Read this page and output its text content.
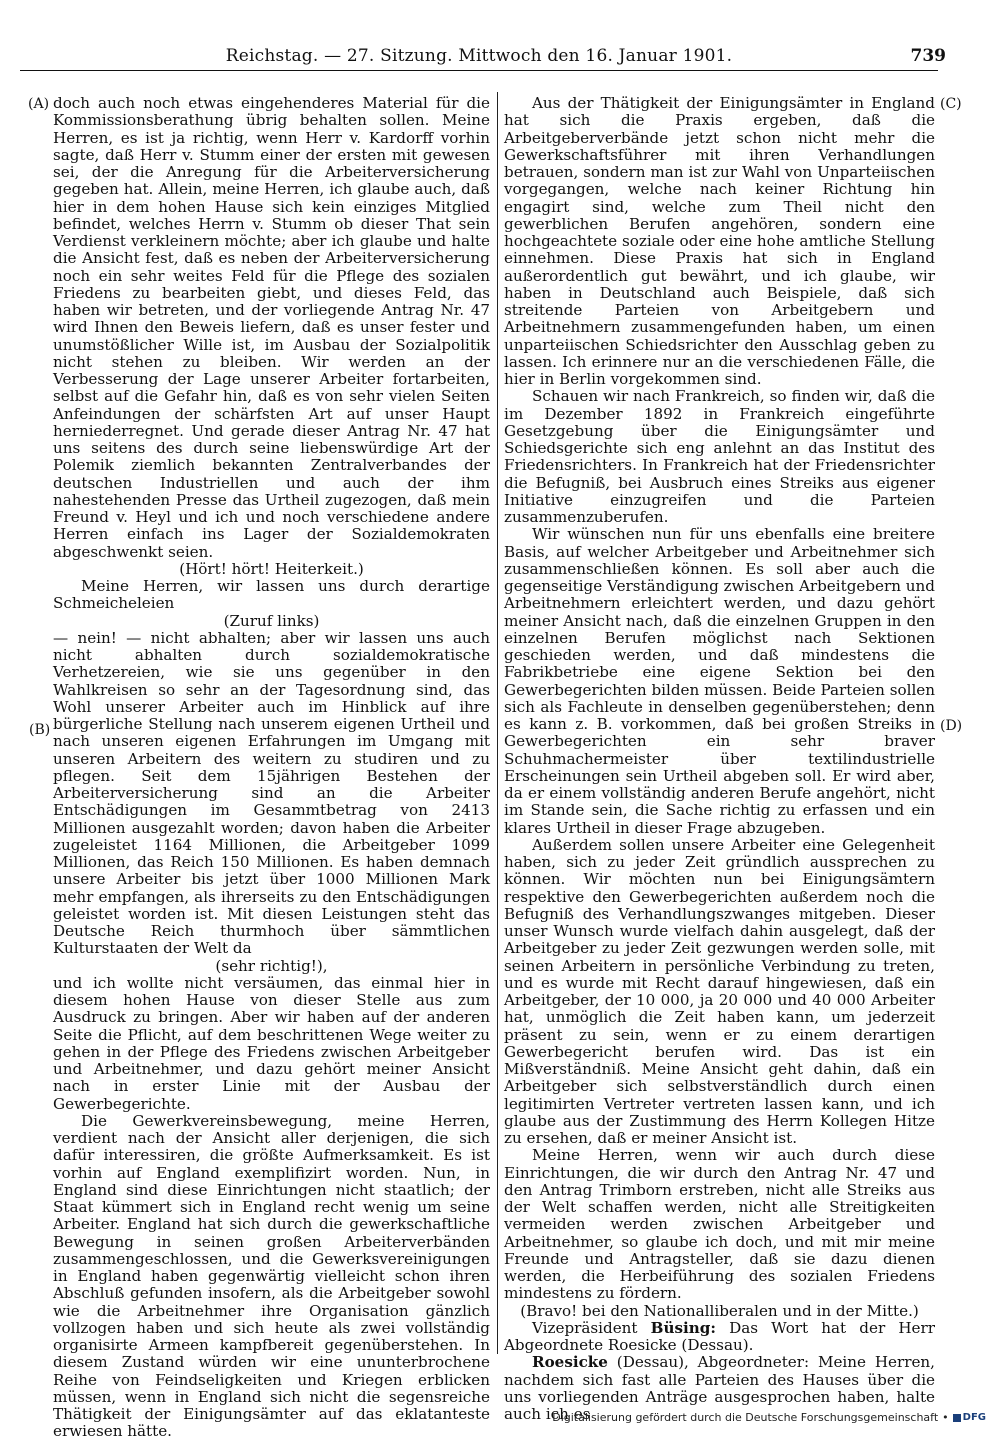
Reichstag. — 27. Sitzung. Mittwoch den 16. Januar 1901.	739
(A)
(B)
(C)
(D)

doch auch noch etwas eingehenderes Material für die Kommissionsberathung übrig behalten sollen. Meine Herren, es ist ja richtig, wenn Herr v. Kardorff vorhin sagte, daß Herr v. Stumm einer der ersten mit gewesen sei, der die Anregung für die Arbeiterversicherung gegeben hat. Allein, meine Herren, ich glaube auch, daß hier in dem hohen Hause sich kein einziges Mitglied befindet, welches Herrn v. Stumm ob dieser That sein Verdienst verkleinern möchte; aber ich glaube und halte die Ansicht fest, daß es neben der Arbeiterversicherung noch ein sehr weites Feld für die Pflege des sozialen Friedens zu bearbeiten giebt, und dieses Feld, das haben wir betreten, und der vorliegende Antrag Nr. 47 wird Ihnen den Beweis liefern, daß es unser fester und unumstößlicher Wille ist, im Ausbau der Sozialpolitik nicht stehen zu bleiben. Wir werden an der Verbesserung der Lage unserer Arbeiter fortarbeiten, selbst auf die Gefahr hin, daß es von sehr vielen Seiten Anfeindungen der schärfsten Art auf unser Haupt herniederregnet. Und gerade dieser Antrag Nr. 47 hat uns seitens des durch seine liebenswürdige Art der Polemik ziemlich bekannten Zentralverbandes der deutschen Industriellen und auch der ihm nahestehenden Presse das Urtheil zugezogen, daß mein Freund v. Heyl und ich und noch verschiedene andere Herren einfach ins Lager der Sozialdemokraten abgeschwenkt seien.

(Hört! hört! Heiterkeit.)

Meine Herren, wir lassen uns durch derartige Schmeicheleien

(Zuruf links)

— nein! — nicht abhalten; aber wir lassen uns auch nicht abhalten durch sozialdemokratische Verhetzereien, wie sie uns gegenüber in den Wahlkreisen so sehr an der Tagesordnung sind, das Wohl unserer Arbeiter auch im Hinblick auf ihre bürgerliche Stellung nach unserem eigenen Urtheil und nach unseren eigenen Erfahrungen im Umgang mit unseren Arbeitern des weitern zu studiren und zu pflegen. Seit dem 15jährigen Bestehen der Arbeiterversicherung sind an die Arbeiter Entschädigungen im Gesammtbetrag von 2413 Millionen ausgezahlt worden; davon haben die Arbeiter zugeleistet 1164 Millionen, die Arbeitgeber 1099 Millionen, das Reich 150 Millionen. Es haben demnach unsere Arbeiter bis jetzt über 1000 Millionen Mark mehr empfangen, als ihrerseits zu den Entschädigungen geleistet worden ist. Mit diesen Leistungen steht das Deutsche Reich thurmhoch über sämmtlichen Kulturstaaten der Welt da

(sehr richtig!),

und ich wollte nicht versäumen, das einmal hier in diesem hohen Hause von dieser Stelle aus zum Ausdruck zu bringen. Aber wir haben auf der anderen Seite die Pflicht, auf dem beschrittenen Wege weiter zu gehen in der Pflege des Friedens zwischen Arbeitgeber und Arbeitnehmer, und dazu gehört meiner Ansicht nach in erster Linie mit der Ausbau der Gewerbegerichte.

Die Gewerkvereinsbewegung, meine Herren, verdient nach der Ansicht aller derjenigen, die sich dafür interessiren, die größte Aufmerksamkeit. Es ist vorhin auf England exemplifizirt worden. Nun, in England sind diese Einrichtungen nicht staatlich; der Staat kümmert sich in England recht wenig um seine Arbeiter. England hat sich durch die gewerkschaftliche Bewegung in seinen großen Arbeiterverbänden zusammengeschlossen, und die Gewerksvereinigungen in England haben gegenwärtig vielleicht schon ihren Abschluß gefunden insofern, als die Arbeitgeber sowohl wie die Arbeitnehmer ihre Organisation gänzlich vollzogen haben und sich heute als zwei vollständig organisirte Armeen kampfbereit gegenüberstehen. In diesem Zustand würden wir eine ununterbrochene Reihe von Feindseligkeiten und Kriegen erblicken müssen, wenn in England sich nicht die segensreiche Thätigkeit der Einigungsämter auf das eklatanteste erwiesen hätte.

Aus der Thätigkeit der Einigungsämter in England hat sich die Praxis ergeben, daß die Arbeitgeberverbände jetzt schon nicht mehr die Gewerkschaftsführer mit ihren Verhandlungen betrauen, sondern man ist zur Wahl von Unparteiischen vorgegangen, welche nach keiner Richtung hin engagirt sind, welche zum Theil nicht den gewerblichen Berufen angehören, sondern eine hochgeachtete soziale oder eine hohe amtliche Stellung einnehmen. Diese Praxis hat sich in England außerordentlich gut bewährt, und ich glaube, wir haben in Deutschland auch Beispiele, daß sich streitende Parteien von Arbeitgebern und Arbeitnehmern zusammengefunden haben, um einen unparteiischen Schiedsrichter den Ausschlag geben zu lassen. Ich erinnere nur an die verschiedenen Fälle, die hier in Berlin vorgekommen sind.

Schauen wir nach Frankreich, so finden wir, daß die im Dezember 1892 in Frankreich eingeführte Gesetzgebung über die Einigungsämter und Schiedsgerichte sich eng anlehnt an das Institut des Friedensrichters. In Frankreich hat der Friedensrichter die Befugniß, bei Ausbruch eines Streiks aus eigener Initiative einzugreifen und die Parteien zusammenzuberufen.

Wir wünschen nun für uns ebenfalls eine breitere Basis, auf welcher Arbeitgeber und Arbeitnehmer sich zusammenschließen können. Es soll aber auch die gegenseitige Verständigung zwischen Arbeitgebern und Arbeitnehmern erleichtert werden, und dazu gehört meiner Ansicht nach, daß die einzelnen Gruppen in den einzelnen Berufen möglichst nach Sektionen geschieden werden, und daß mindestens die Fabrikbetriebe eine eigene Sektion bei den Gewerbegerichten bilden müssen. Beide Parteien sollen sich als Fachleute in denselben gegenüberstehen; denn es kann z. B. vorkommen, daß bei großen Streiks in Gewerbegerichten ein sehr braver Schuhmachermeister über textilindustrielle Erscheinungen sein Urtheil abgeben soll. Er wird aber, da er einem vollständig anderen Berufe angehört, nicht im Stande sein, die Sache richtig zu erfassen und ein klares Urtheil in dieser Frage abzugeben.

Außerdem sollen unsere Arbeiter eine Gelegenheit haben, sich zu jeder Zeit gründlich aussprechen zu können. Wir möchten nun bei Einigungsämtern respektive den Gewerbegerichten außerdem noch die Befugniß des Verhandlungszwanges mitgeben. Dieser unser Wunsch wurde vielfach dahin ausgelegt, daß der Arbeitgeber zu jeder Zeit gezwungen werden solle, mit seinen Arbeitern in persönliche Verbindung zu treten, und es wurde mit Recht darauf hingewiesen, daß ein Arbeitgeber, der 10 000, ja 20 000 und 40 000 Arbeiter hat, unmöglich die Zeit haben kann, um jederzeit präsent zu sein, wenn er zu einem derartigen Gewerbegericht berufen wird. Das ist ein Mißverständniß. Meine Ansicht geht dahin, daß ein Arbeitgeber sich selbstverständlich durch einen legitimirten Vertreter vertreten lassen kann, und ich glaube aus der Zustimmung des Herrn Kollegen Hitze zu ersehen, daß er meiner Ansicht ist.

Meine Herren, wenn wir auch durch diese Einrichtungen, die wir durch den Antrag Nr. 47 und den Antrag Trimborn erstreben, nicht alle Streiks aus der Welt schaffen werden, nicht alle Streitigkeiten vermeiden werden zwischen Arbeitgeber und Arbeitnehmer, so glaube ich doch, und mit mir meine Freunde und Antragsteller, daß sie dazu dienen werden, die Herbeiführung des sozialen Friedens mindestens zu fördern.

(Bravo! bei den Nationalliberalen und in der Mitte.)

Vizepräsident Büsing: Das Wort hat der Herr Abgeordnete Roesicke (Dessau).

Roesicke (Dessau), Abgeordneter: Meine Herren, nachdem sich fast alle Parteien des Hauses über die uns vorliegenden Anträge ausgesprochen haben, halte auch ich es

Digitalisierung gefördert durch die Deutsche Forschungsgemeinschaft • DFG
